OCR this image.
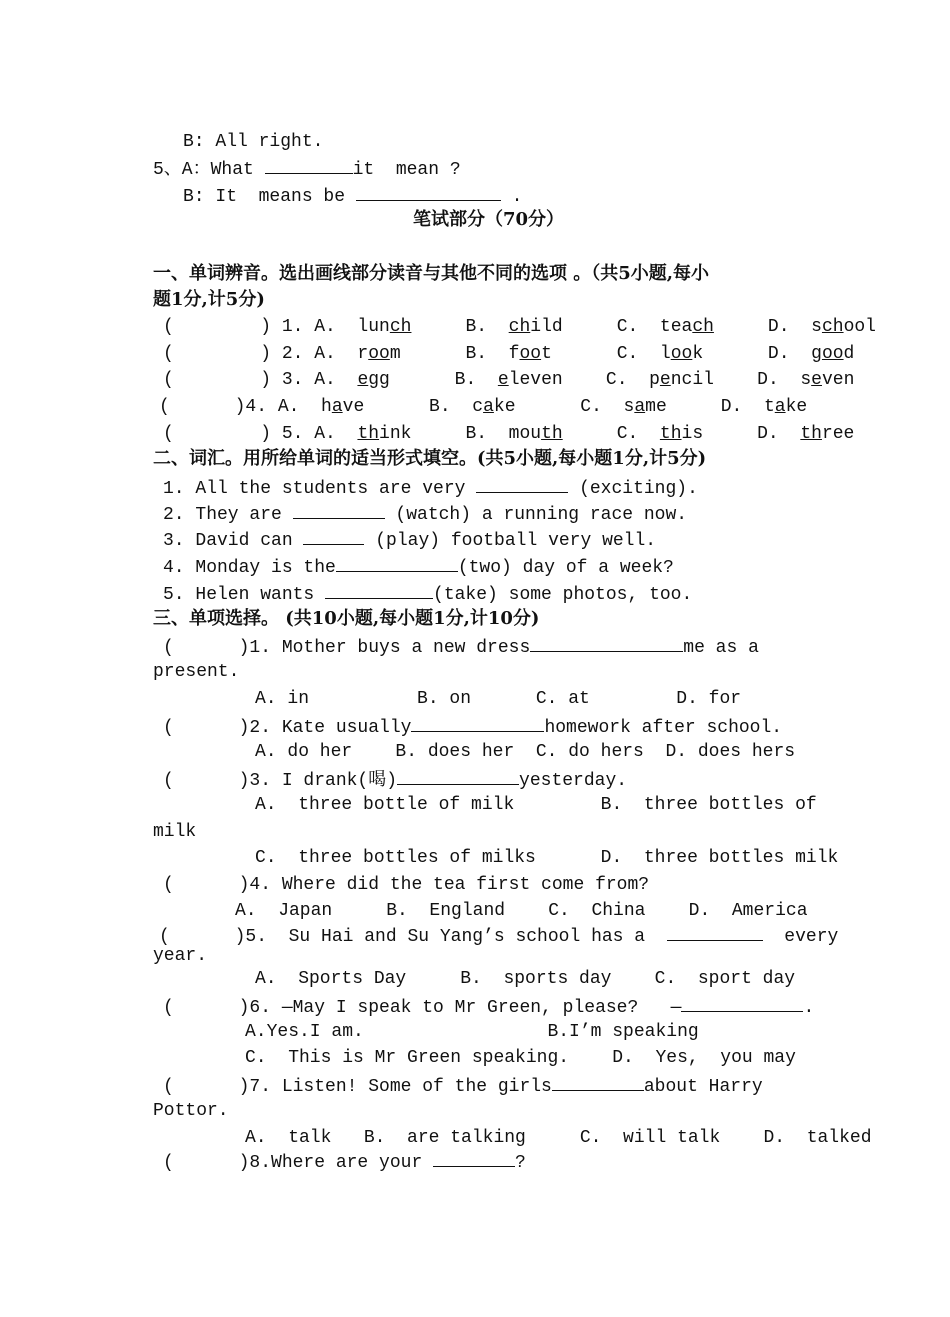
B: All right.
5、A：What	it  mean ?
B: It  means be	.
笔试部分（70分）
一、单词辨音。选出画线部分读音与其他不同的选项 。（共5小题,每小
题1分,计5分)
(        ) 1. A.  lunch     B.  child     C.  teach     D.  school
(        ) 2. A.  room      B.  foot      C.  look      D.  good
(        ) 3. A.  egg      B.  eleven    C.  pencil    D.  seven
(      )4. A.  have      B.  cake      C.  same     D.  take
(        ) 5. A.  think     B.  mouth     C.  this     D.  three
二、词汇。用所给单词的适当形式填空。(共5小题,每小题1分,计5分)
1. All the students are very	(exciting).
2. They are	(watch) a running race now.
3. David can	(play) football very well.
4. Monday is the	(two) day of a week?
5. Helen wants	(take) some photos, too.
三、单项选择。 (共10小题,每小题1分,计10分)
(      )1. Mother buys a new dress	me as a
present.
A. in          B. on      C. at        D. for
(      )2. Kate usually	homework after school.
A. do her    B. does her  C. do hers  D. does hers
(      )3. I drank(喝)	yesterday.
A.  three bottle of milk        B.  three bottles of
milk
C.  three bottles of milks      D.  three bottles milk
(      )4. Where did the tea first come from?
A.  Japan     B.  England    C.  China    D.  America
(      )5.  Su Hai and Su Yang’s school has a	every
year.
A.  Sports Day     B.  sports day    C.  sport day
(      )6. —May I speak to Mr Green, please?   —	.
A.Yes.I am.                 B.I’m speaking
C.  This is Mr Green speaking.    D.  Yes,  you may
(      )7. Listen! Some of the girls	about Harry
Pottor.
A.  talk   B.  are talking     C.  will talk    D.  talked
(      )8.Where are your	?
